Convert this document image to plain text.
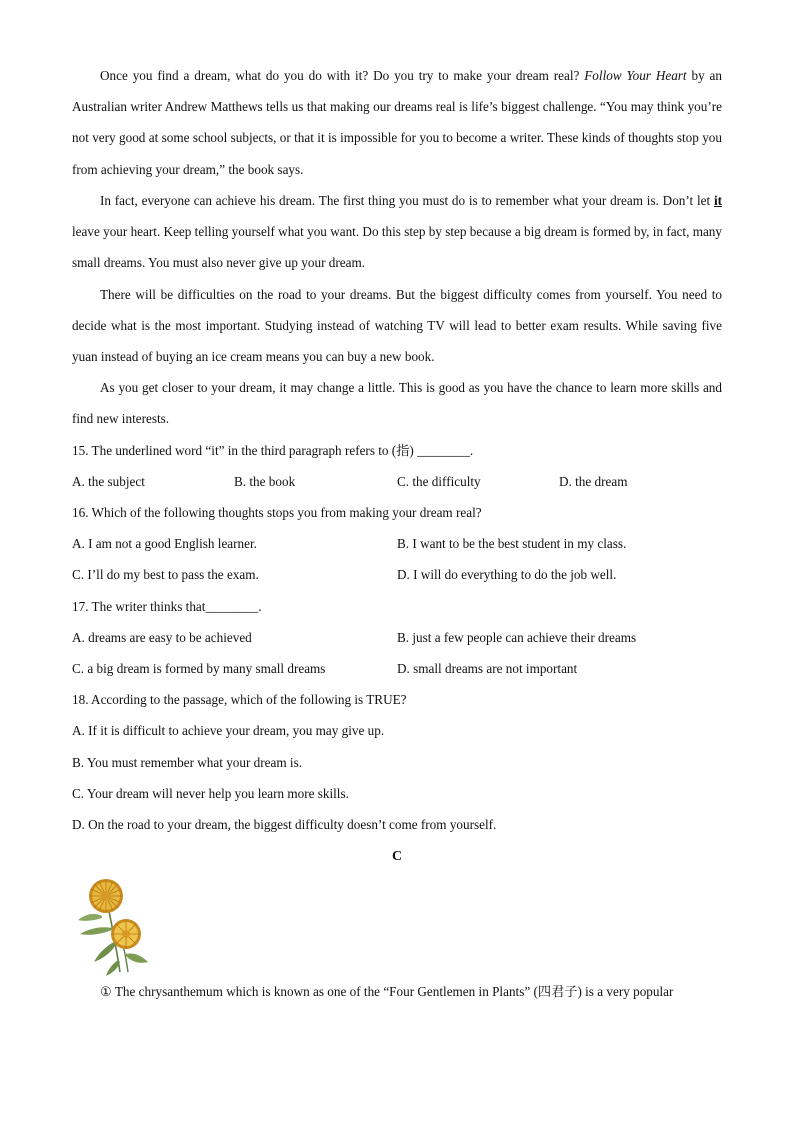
Once you find a dream, what do you do with it? Do you try to make your dream real? Follow Your Heart by an Australian writer Andrew Matthews tells us that making our dreams real is life’s biggest challenge. “You may think you’re not very good at some school subjects, or that it is impossible for you to become a writer. These kinds of thoughts stop you from achieving your dream,” the book says.

In fact, everyone can achieve his dream. The first thing you must do is to remember what your dream is. Don’t let it leave your heart. Keep telling yourself what you want. Do this step by step because a big dream is formed by, in fact, many small dreams. You must also never give up your dream.

There will be difficulties on the road to your dreams. But the biggest difficulty comes from yourself. You need to decide what is the most important. Studying instead of watching TV will lead to better exam results. While saving five yuan instead of buying an ice cream means you can buy a new book.

As you get closer to your dream, it may change a little. This is good as you have the chance to learn more skills and find new interests.

15. The underlined word “it” in the third paragraph refers to (指) ________.

A. the subject	B. the book	C. the difficulty	D. the dream

16. Which of the following thoughts stops you from making your dream real?

A. I am not a good English learner.	B. I want to be the best student in my class.

C. I’ll do my best to pass the exam.	D. I will do everything to do the job well.

17. The writer thinks that________.

A. dreams are easy to be achieved	B. just a few people can achieve their dreams

C. a big dream is formed by many small dreams	D. small dreams are not important

18. According to the passage, which of the following is TRUE?

A. If it is difficult to achieve your dream, you may give up.

B. You must remember what your dream is.

C. Your dream will never help you learn more skills.

D. On the road to your dream, the biggest difficulty doesn’t come from yourself.

C

① The chrysanthemum which is known as one of the “Four Gentlemen in Plants” (四君子) is a very popular
